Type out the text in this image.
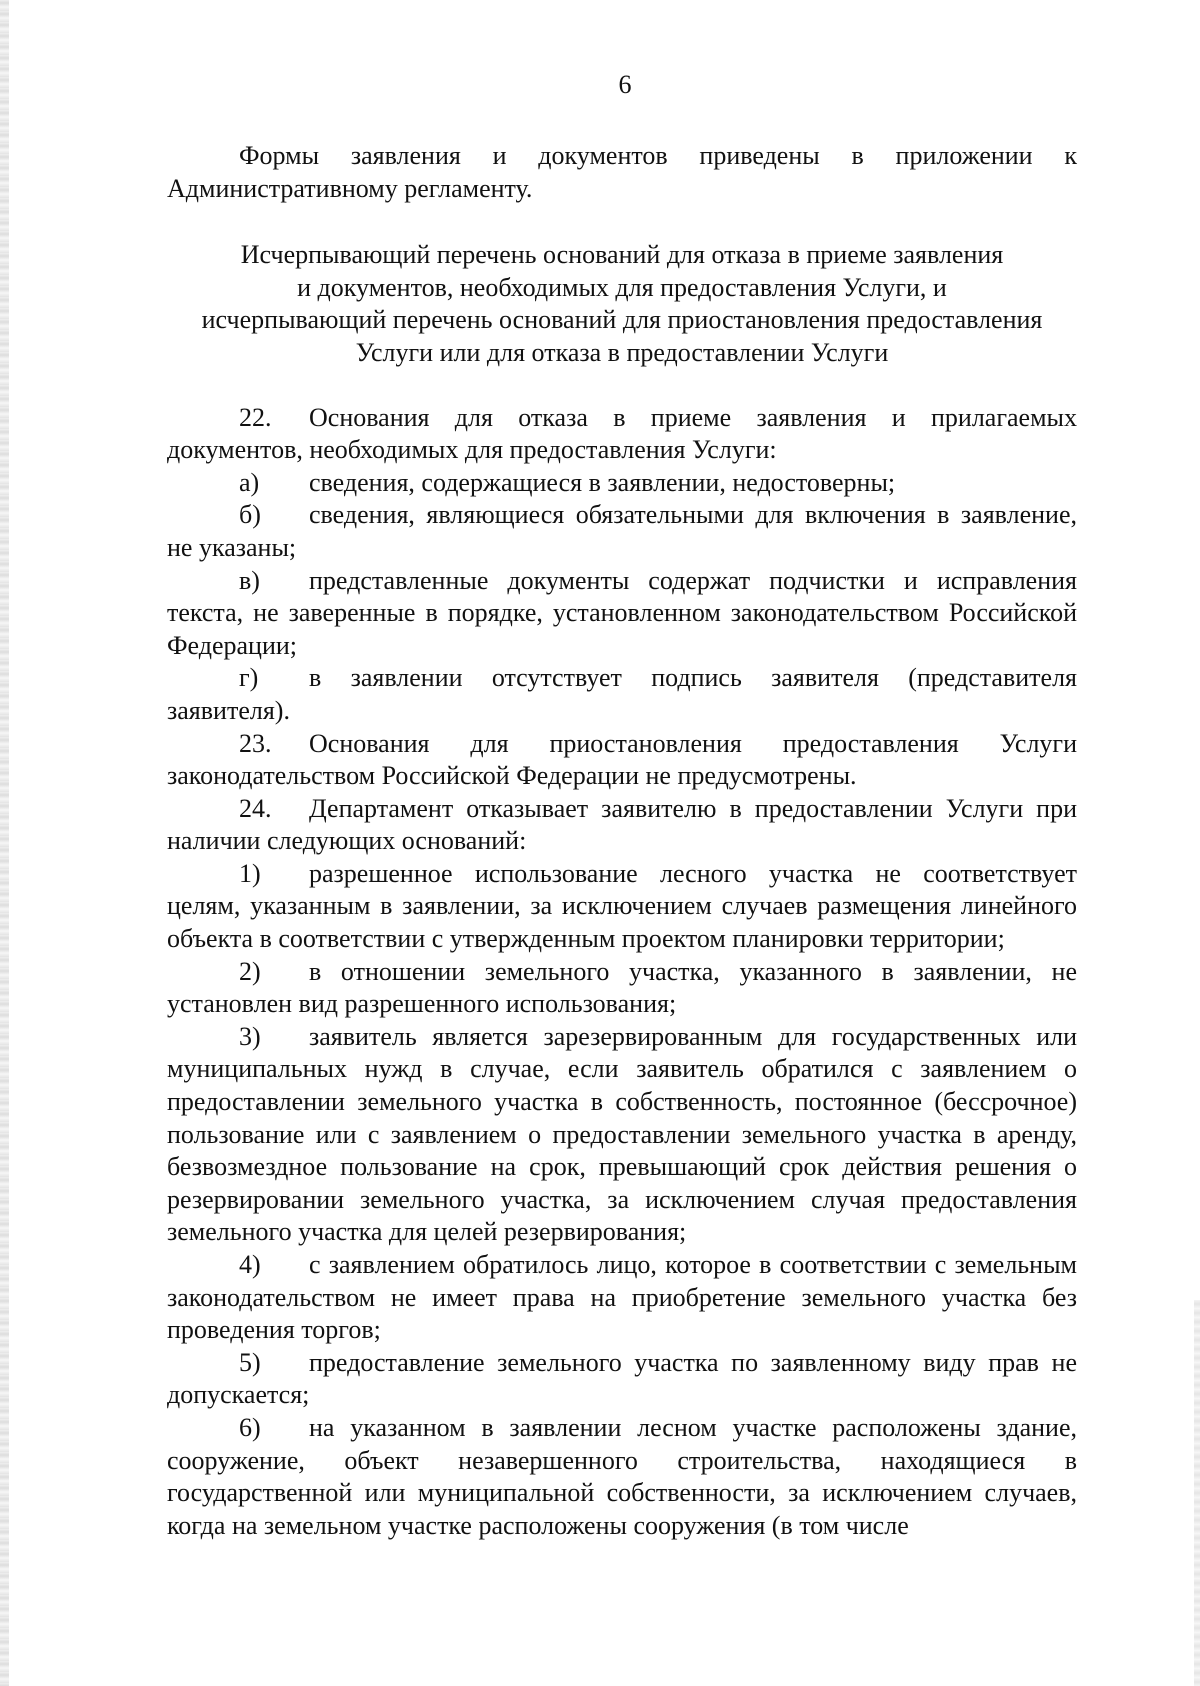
6

Формы заявления и документов приведены в приложении к Административному регламенту.

Исчерпывающий перечень оснований для отказа в приеме заявления
и документов, необходимых для предоставления Услуги, и
исчерпывающий перечень оснований для приостановления предоставления
Услуги или для отказа в предоставлении Услуги

22. Основания для отказа в приеме заявления и прилагаемых документов, необходимых для предоставления Услуги:

а) сведения, содержащиеся в заявлении, недостоверны;

б) сведения, являющиеся обязательными для включения в заявление, не указаны;

в) представленные документы содержат подчистки и исправления текста, не заверенные в порядке, установленном законодательством Российской Федерации;

г) в заявлении отсутствует подпись заявителя (представителя заявителя).

23. Основания для приостановления предоставления Услуги законодательством Российской Федерации не предусмотрены.

24. Департамент отказывает заявителю в предоставлении Услуги при наличии следующих оснований:

1) разрешенное использование лесного участка не соответствует целям, указанным в заявлении, за исключением случаев размещения линейного объекта в соответствии с утвержденным проектом планировки территории;

2) в отношении земельного участка, указанного в заявлении, не установлен вид разрешенного использования;

3) заявитель является зарезервированным для государственных или муниципальных нужд в случае, если заявитель обратился с заявлением о предоставлении земельного участка в собственность, постоянное (бессрочное) пользование или с заявлением о предоставлении земельного участка в аренду, безвозмездное пользование на срок, превышающий срок действия решения о резервировании земельного участка, за исключением случая предоставления земельного участка для целей резервирования;

4) с заявлением обратилось лицо, которое в соответствии с земельным законодательством не имеет права на приобретение земельного участка без проведения торгов;

5) предоставление земельного участка по заявленному виду прав не допускается;

6) на указанном в заявлении лесном участке расположены здание, сооружение, объект незавершенного строительства, находящиеся в государственной или муниципальной собственности, за исключением случаев, когда на земельном участке расположены сооружения (в том числе
